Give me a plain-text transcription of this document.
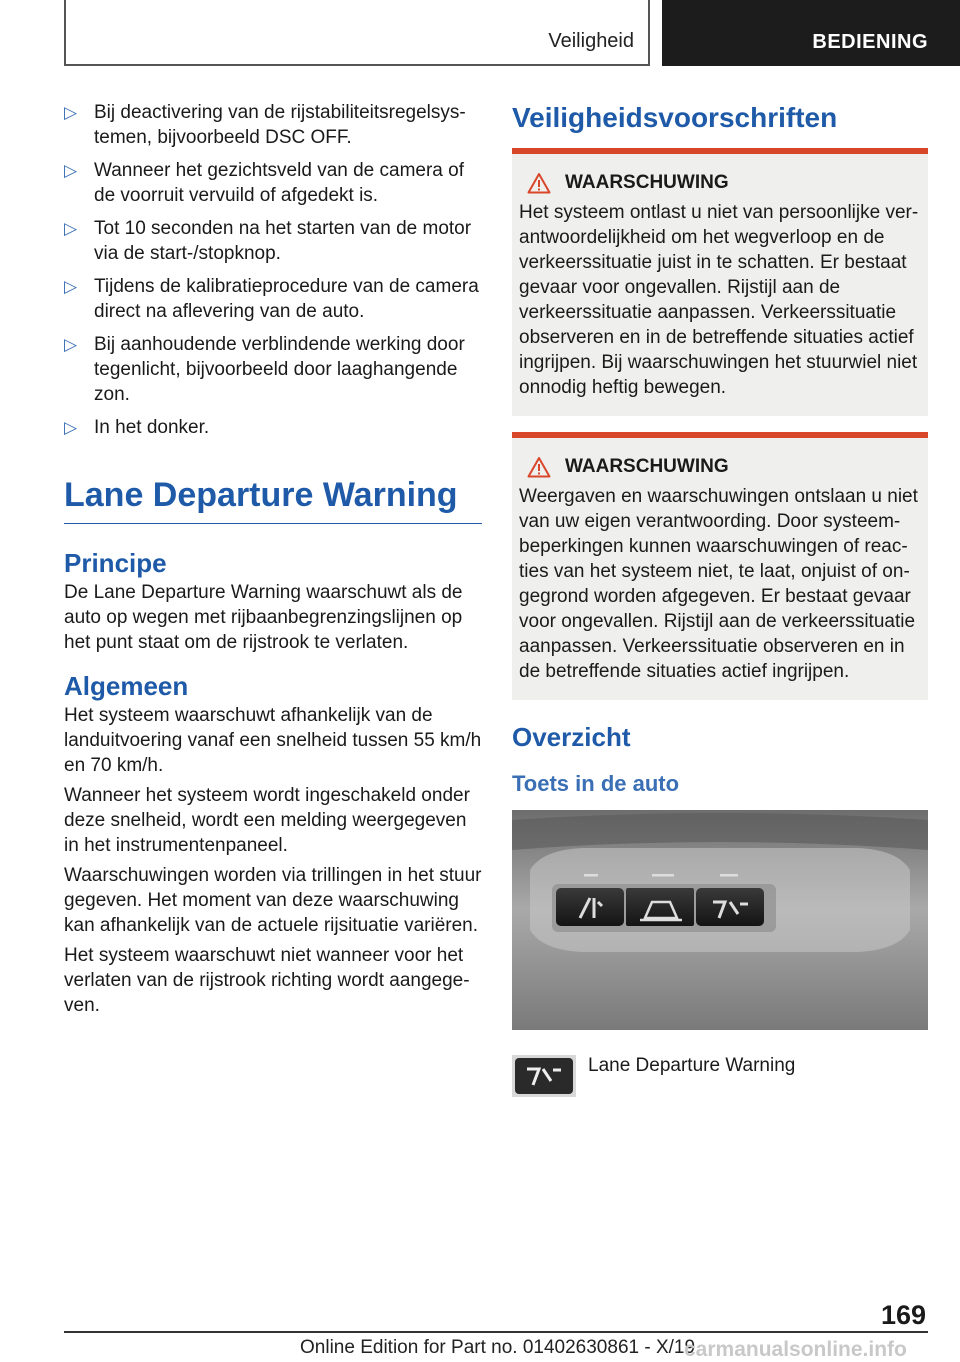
Veiligheid	BEDIENING
▷ Bij deactivering van de rijstabiliteitsregelsystemen, bijvoorbeeld DSC OFF.
▷ Wanneer het gezichtsveld van de camera of de voorruit vervuild of afgedekt is.
▷ Tot 10 seconden na het starten van de motor via de start-/stopknop.
▷ Tijdens de kalibratieprocedure van de camera direct na aflevering van de auto.
▷ Bij aanhoudende verblindende werking door tegenlicht, bijvoorbeeld door laaghangende zon.
▷ In het donker.
Lane Departure Warning
Principe
De Lane Departure Warning waarschuwt als de auto op wegen met rijbaanbegrenzingslijnen op het punt staat om de rijstrook te verlaten.
Algemeen
Het systeem waarschuwt afhankelijk van de landuitvoering vanaf een snelheid tussen 55 km/h en 70 km/h.
Wanneer het systeem wordt ingeschakeld onder deze snelheid, wordt een melding weergegeven in het instrumentenpaneel.
Waarschuwingen worden via trillingen in het stuur gegeven. Het moment van deze waarschuwing kan afhankelijk van de actuele rijsituatie variëren.
Het systeem waarschuwt niet wanneer voor het verlaten van de rijstrook richting wordt aangegeven.
Veiligheidsvoorschriften
WAARSCHUWING
Het systeem ontlast u niet van persoonlijke verantwoordelijkheid om het wegverloop en de verkeerssituatie juist in te schatten. Er bestaat gevaar voor ongevallen. Rijstijl aan de verkeerssituatie aanpassen. Verkeerssituatie observeren en in de betreffende situaties actief ingrijpen. Bij waarschuwingen het stuurwiel niet onnodig heftig bewegen.
WAARSCHUWING
Weergaven en waarschuwingen ontslaan u niet van uw eigen verantwoording. Door systeembeperkingen kunnen waarschuwingen of reacties van het systeem niet, te laat, onjuist of ongegrond worden afgegeven. Er bestaat gevaar voor ongevallen. Rijstijl aan de verkeerssituatie aanpassen. Verkeerssituatie observeren en in de betreffende situaties actief ingrijpen.
Overzicht
Toets in de auto
Lane Departure Warning
169
Online Edition for Part no. 01402630861 - X/19
carmanualsonline.info
